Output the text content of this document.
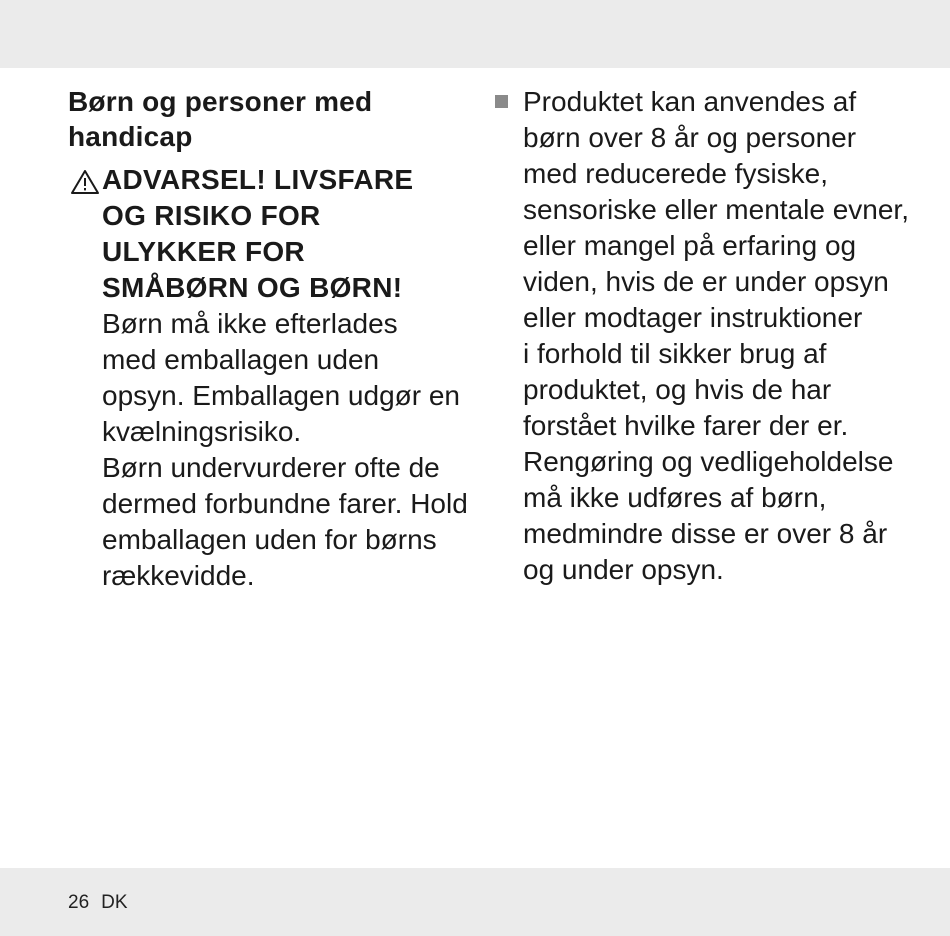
Børn og personer med
handicap
ADVARSEL! LIVSFARE
OG RISIKO FOR
ULYKKER FOR
SMÅBØRN OG BØRN!

Børn må ikke efterlades
med emballagen uden
opsyn. Emballagen udgør en
kvælningsrisiko.

Børn undervurderer ofte de
dermed forbundne farer. Hold
emballagen uden for børns
rækkevidde.

Produktet kan anvendes af
børn over 8 år og personer
med reducerede fysiske,
sensoriske eller mentale evner,
eller mangel på erfaring og
viden, hvis de er under opsyn
eller modtager instruktioner
i forhold til sikker brug af
produktet, og hvis de har
forstået hvilke farer der er.
Rengøring og vedligeholdelse
må ikke udføres af børn,
medmindre disse er over 8 år
og under opsyn.
26 DK
